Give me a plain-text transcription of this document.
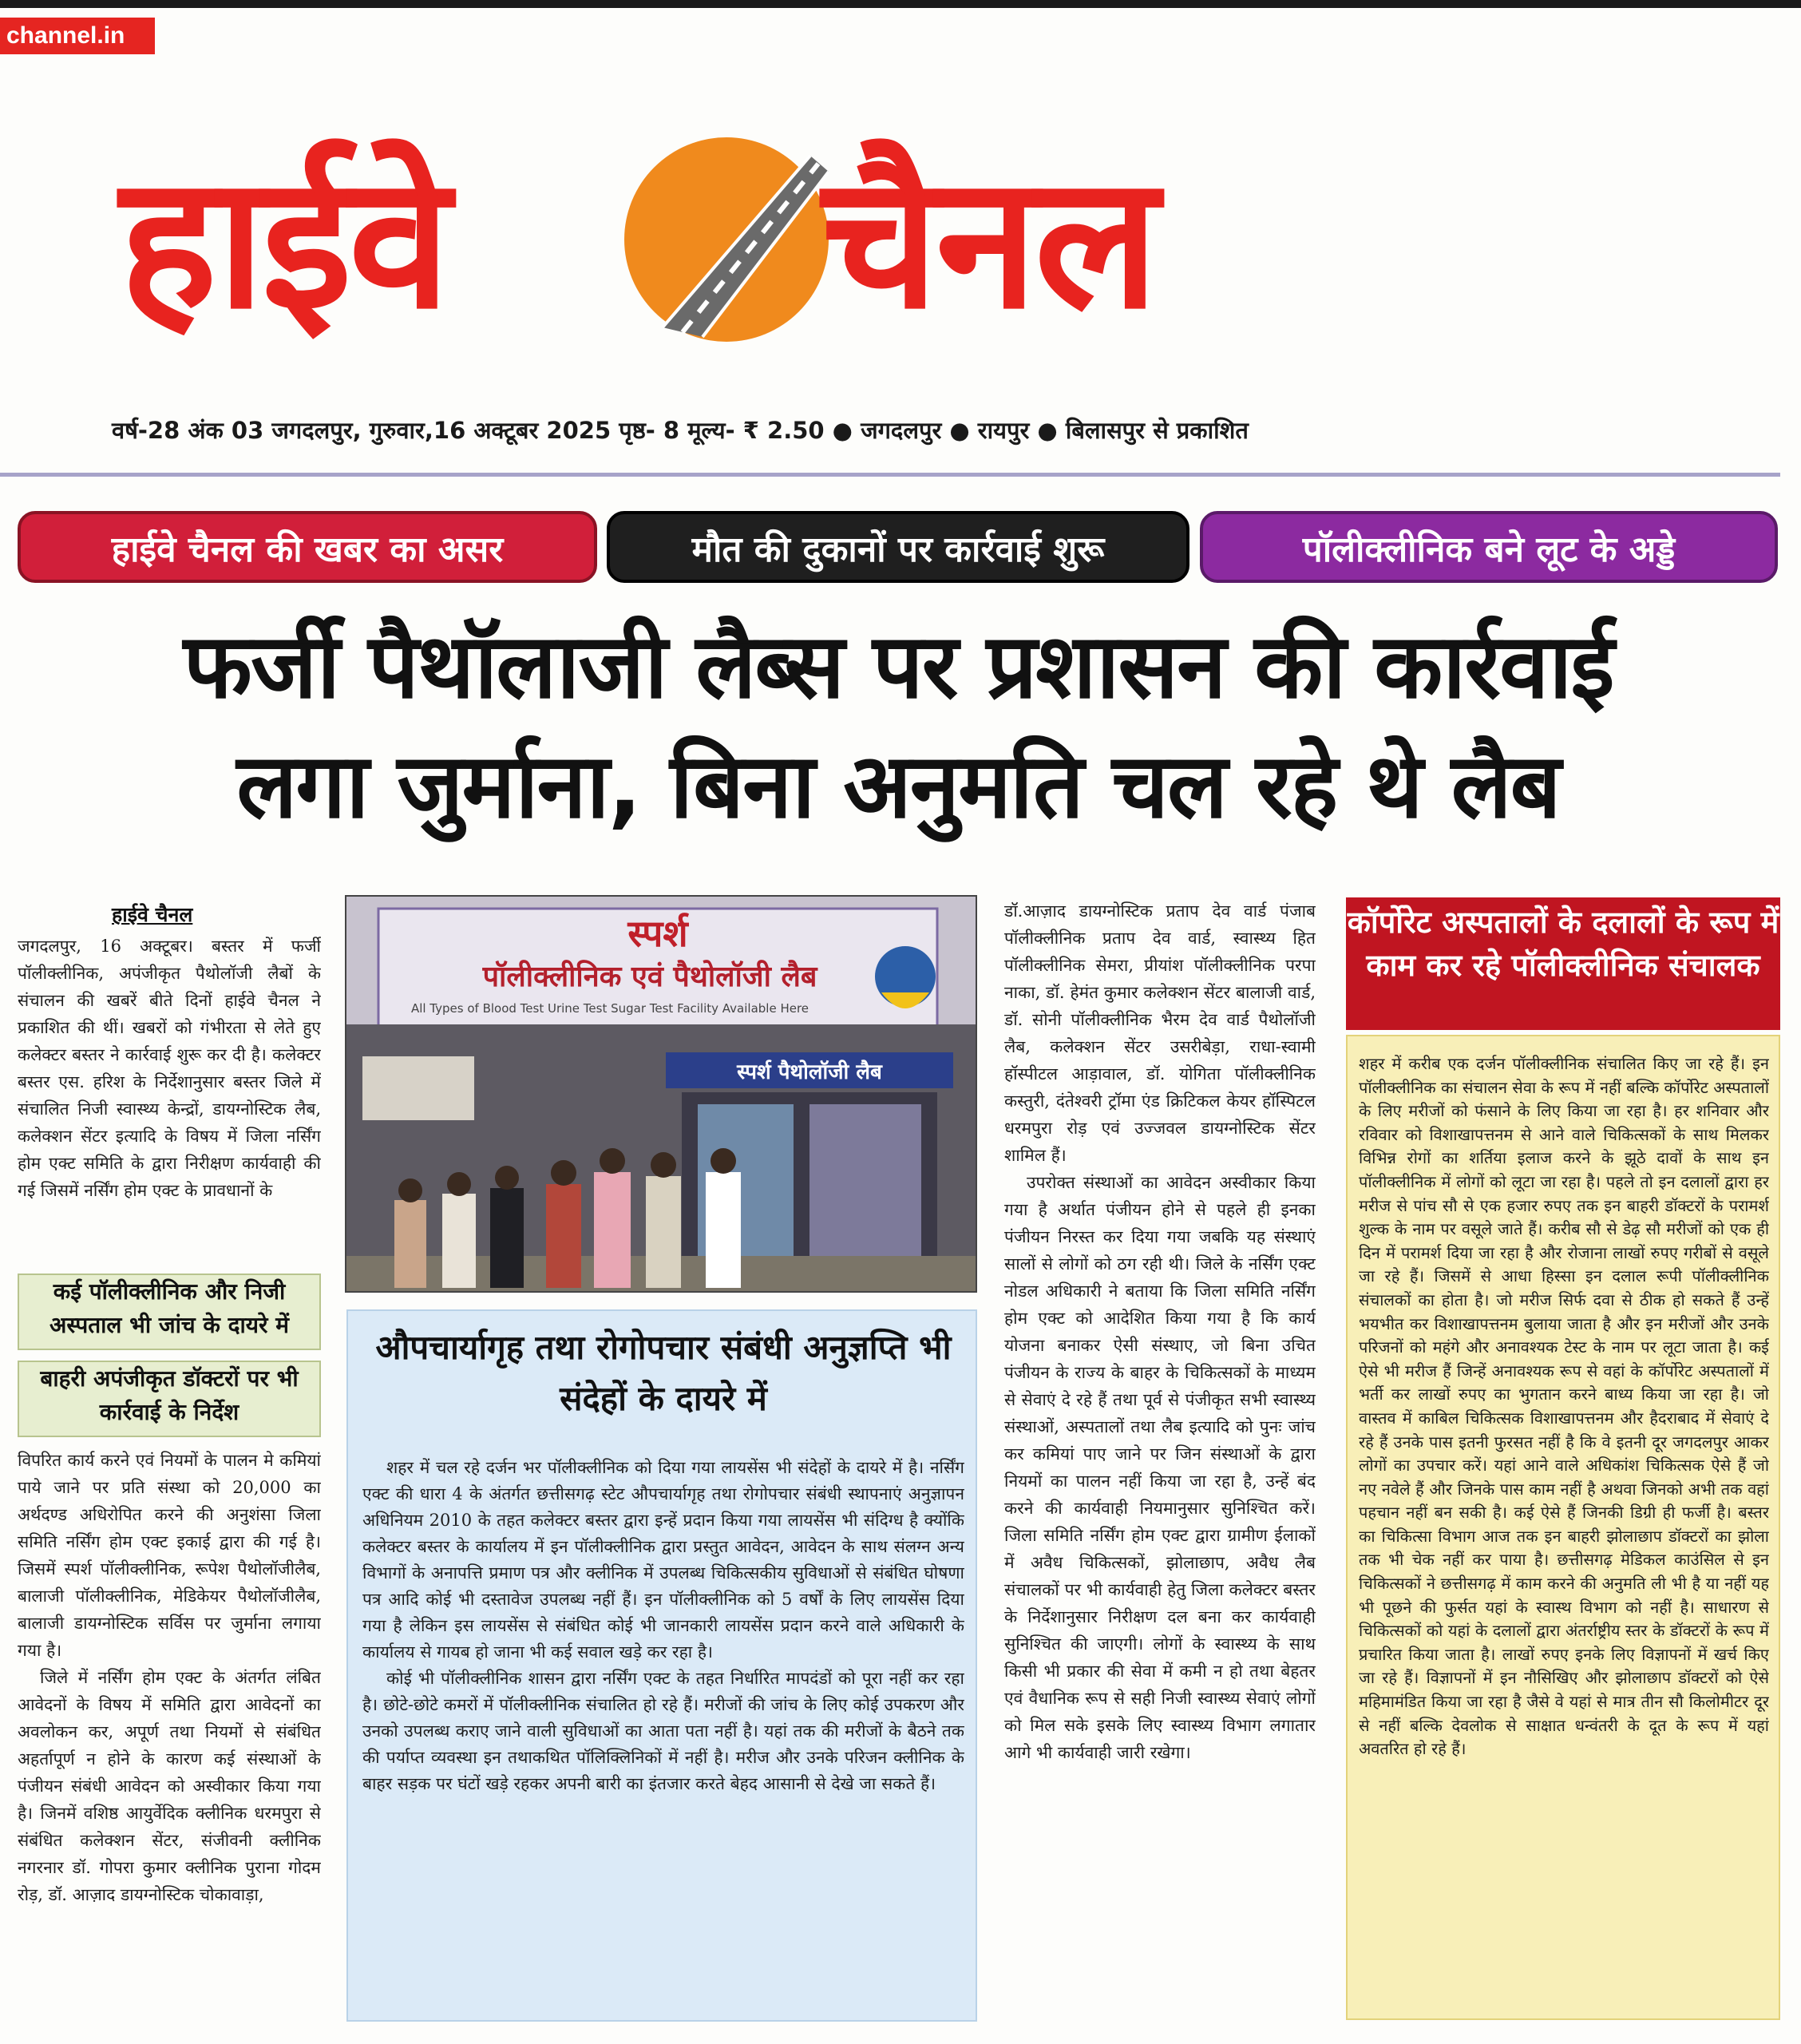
channel.in
हाईवे चैनल
वर्ष-28 अंक 03 जगदलपुर, गुरुवार,16 अक्टूबर 2025 पृष्ठ- 8 मूल्य- ₹ 2.50 ● जगदलपुर ● रायपुर ● बिलासपुर से प्रकाशित
हाईवे चैनल की खबर का असर	मौत की दुकानों पर कार्रवाई शुरू	पॉलीक्लीनिक बने लूट के अड्डे
फर्जी पैथॉलाजी लैब्स पर प्रशासन की कार्रवाई
लगा जुर्माना, बिना अनुमति चल रहे थे लैब
हाईवे चैनल

जगदलपुर, 16 अक्टूबर। बस्तर में फर्जी पॉलीक्लीनिक, अपंजीकृत पैथोलॉजी लैबों के संचालन की खबरें बीते दिनों हाईवे चैनल ने प्रकाशित की थीं। खबरों को गंभीरता से लेते हुए कलेक्टर बस्तर ने कार्रवाई शुरू कर दी है। कलेक्टर बस्तर एस. हरिश के निर्देशानुसार बस्तर जिले में संचालित निजी स्वास्थ्य केन्द्रों, डायग्नोस्टिक लैब, कलेक्शन सेंटर इत्यादि के विषय में जिला नर्सिंग होम एक्ट समिति के द्वारा निरीक्षण कार्यवाही की गई जिसमें नर्सिंग होम एक्ट के प्रावधानों के

कई पॉलीक्लीनिक और निजी अस्पताल भी जांच के दायरे में
बाहरी अपंजीकृत डॉक्टरों पर भी कार्रवाई के निर्देश

विपरित कार्य करने एवं नियमों के पालन मे कमियां पाये जाने पर प्रति संस्था को 20,000 का अर्थदण्ड अधिरोपित करने की अनुशंसा जिला समिति नर्सिंग होम एक्ट इकाई द्वारा की गई है। जिसमें स्पर्श पॉलीक्लीनिक, रूपेश पैथोलॉजीलैब, बालाजी पॉलीक्लीनिक, मेडिकेयर पैथोलॉजीलैब, बालाजी डायग्नोस्टिक सर्विस पर जुर्माना लगाया गया है।

जिले में नर्सिंग होम एक्ट के अंतर्गत लंबित आवेदनों के विषय में समिति द्वारा आवेदनों का अवलोकन कर, अपूर्ण तथा नियमों से संबंधित अहर्तापूर्ण न होने के कारण कई संस्थाओं के पंजीयन संबंधी आवेदन को अस्वीकार किया गया है। जिनमें वशिष्ठ आयुर्वेदिक क्लीनिक धरमपुरा से संबंधित कलेक्शन सेंटर, संजीवनी क्लीनिक नगरनार डॉ. गोपरा कुमार क्लीनिक पुराना गोदम रोड़, डॉ. आज़ाद डायग्नोस्टिक चोकावाड़ा,

स्पर्श
पॉलीक्लीनिक एवं पैथोलॉजी लैब
All Types of Blood Test Urine Test Sugar Test Facility Available Here
स्पर्श पैथोलॉजी लैब
औपचार्यागृह तथा रोगोपचार संबंधी अनुज्ञप्ति भी संदेहों के दायरे में

शहर में चल रहे दर्जन भर पॉलीक्लीनिक को दिया गया लायसेंस भी संदेहों के दायरे में है। नर्सिंग एक्ट की धारा 4 के अंतर्गत छत्तीसगढ़ स्टेट औपचार्यागृह तथा रोगोपचार संबंधी स्थापनाएं अनुज्ञापन अधिनियम 2010 के तहत कलेक्टर बस्तर द्वारा इन्हें प्रदान किया गया लायसेंस भी संदिग्ध है क्योंकि कलेक्टर बस्तर के कार्यालय में इन पॉलीक्लीनिक द्वारा प्रस्तुत आवेदन, आवेदन के साथ संलग्न अन्य विभागों के अनापत्ति प्रमाण पत्र और क्लीनिक में उपलब्ध चिकित्सकीय सुविधाओं से संबंधित घोषणा पत्र आदि कोई भी दस्तावेज उपलब्ध नहीं हैं। इन पॉलीक्लीनिक को 5 वर्षों के लिए लायसेंस दिया गया है लेकिन इस लायसेंस से संबंधित कोई भी जानकारी लायसेंस प्रदान करने वाले अधिकारी के कार्यालय से गायब हो जाना भी कई सवाल खड़े कर रहा है।

कोई भी पॉलीक्लीनिक शासन द्वारा नर्सिंग एक्ट के तहत निर्धारित मापदंडों को पूरा नहीं कर रहा है। छोटे-छोटे कमरों में पॉलीक्लीनिक संचालित हो रहे हैं। मरीजों की जांच के लिए कोई उपकरण और उनको उपलब्ध कराए जाने वाली सुविधाओं का आता पता नहीं है। यहां तक की मरीजों के बैठने तक की पर्याप्त व्यवस्था इन तथाकथित पॉलिक्लिनिकों में नहीं है। मरीज और उनके परिजन क्लीनिक के बाहर सड़क पर घंटों खड़े रहकर अपनी बारी का इंतजार करते बेहद आसानी से देखे जा सकते हैं।

डॉ.आज़ाद डायग्नोस्टिक प्रताप देव वार्ड पंजाब पॉलीक्लीनिक प्रताप देव वार्ड, स्वास्थ्य हित पॉलीक्लीनिक सेमरा, प्रीयांश पॉलीक्लीनिक परपा नाका, डॉ. हेमंत कुमार कलेक्शन सेंटर बालाजी वार्ड, डॉ. सोनी पॉलीक्लीनिक भैरम देव वार्ड पैथोलॉजी लैब, कलेक्शन सेंटर उसरीबेड़ा, राधा-स्वामी हॉस्पीटल आड़ावाल, डॉ. योगिता पॉलीक्लीनिक कस्तुरी, दंतेश्वरी ट्रॉमा एंड क्रिटिकल केयर हॉस्पिटल धरमपुरा रोड़ एवं उज्जवल डायग्नोस्टिक सेंटर शामिल हैं।

उपरोक्त संस्थाओं का आवेदन अस्वीकार किया गया है अर्थात पंजीयन होने से पहले ही इनका पंजीयन निरस्त कर दिया गया जबकि यह संस्थाएं सालों से लोगों को ठग रही थी। जिले के नर्सिंग एक्ट नोडल अधिकारी ने बताया कि जिला समिति नर्सिंग होम एक्ट को आदेशित किया गया है कि कार्य योजना बनाकर ऐसी संस्थाए, जो बिना उचित पंजीयन के राज्य के बाहर के चिकित्सकों के माध्यम से सेवाएं दे रहे हैं तथा पूर्व से पंजीकृत सभी स्वास्थ्य संस्थाओं, अस्पतालों तथा लैब इत्यादि को पुनः जांच कर कमियां पाए जाने पर जिन संस्थाओं के द्वारा नियमों का पालन नहीं किया जा रहा है, उन्हें बंद करने की कार्यवाही नियमानुसार सुनिश्चित करें। जिला समिति नर्सिंग होम एक्ट द्वारा ग्रामीण ईलाकों में अवैध चिकित्सकों, झोलाछाप, अवैध लैब संचालकों पर भी कार्यवाही हेतु जिला कलेक्टर बस्तर के निर्देशानुसार निरीक्षण दल बना कर कार्यवाही सुनिश्चित की जाएगी। लोगों के स्वास्थ्य के साथ किसी भी प्रकार की सेवा में कमी न हो तथा बेहतर एवं वैधानिक रूप से सही निजी स्वास्थ्य सेवाएं लोगों को मिल सके इसके लिए स्वास्थ्य विभाग लगातार आगे भी कार्यवाही जारी रखेगा।

कॉर्पोरेट अस्पतालों के दलालों के रूप में काम कर रहे पॉलीक्लीनिक संचालक
शहर में करीब एक दर्जन पॉलीक्लीनिक संचालित किए जा रहे हैं। इन पॉलीक्लीनिक का संचालन सेवा के रूप में नहीं बल्कि कॉर्पोरेट अस्पतालों के लिए मरीजों को फंसाने के लिए किया जा रहा है। हर शनिवार और रविवार को विशाखापत्तनम से आने वाले चिकित्सकों के साथ मिलकर विभिन्न रोगों का शर्तिया इलाज करने के झूठे दावों के साथ इन पॉलीक्लीनिक में लोगों को लूटा जा रहा है। पहले तो इन दलालों द्वारा हर मरीज से पांच सौ से एक हजार रुपए तक इन बाहरी डॉक्टरों के परामर्श शुल्क के नाम पर वसूले जाते हैं। करीब सौ से डेढ़ सौ मरीजों को एक ही दिन में परामर्श दिया जा रहा है और रोजाना लाखों रुपए गरीबों से वसूले जा रहे हैं। जिसमें से आधा हिस्सा इन दलाल रूपी पॉलीक्लीनिक संचालकों का होता है। जो मरीज सिर्फ दवा से ठीक हो सकते हैं उन्हें भयभीत कर विशाखापत्तनम बुलाया जाता है और इन मरीजों और उनके परिजनों को महंगे और अनावश्यक टेस्ट के नाम पर लूटा जाता है। कई ऐसे भी मरीज हैं जिन्हें अनावश्यक रूप से वहां के कॉर्पोरेट अस्पतालों में भर्ती कर लाखों रुपए का भुगतान करने बाध्य किया जा रहा है। जो वास्तव में काबिल चिकित्सक विशाखापत्तनम और हैदराबाद में सेवाएं दे रहे हैं उनके पास इतनी फुरसत नहीं है कि वे इतनी दूर जगदलपुर आकर लोगों का उपचार करें। यहां आने वाले अधिकांश चिकित्सक ऐसे हैं जो नए नवेले हैं और जिनके पास काम नहीं है अथवा जिनको अभी तक वहां पहचान नहीं बन सकी है। कई ऐसे हैं जिनकी डिग्री ही फर्जी है। बस्तर का चिकित्सा विभाग आज तक इन बाहरी झोलाछाप डॉक्टरों का झोला तक भी चेक नहीं कर पाया है। छत्तीसगढ़ मेडिकल काउंसिल से इन चिकित्सकों ने छत्तीसगढ़ में काम करने की अनुमति ली भी है या नहीं यह भी पूछने की फुर्सत यहां के स्वास्थ विभाग को नहीं है। साधारण से चिकित्सकों को यहां के दलालों द्वारा अंतर्राष्ट्रीय स्तर के डॉक्टरों के रूप में प्रचारित किया जाता है। लाखों रुपए इनके लिए विज्ञापनों में खर्च किए जा रहे हैं। विज्ञापनों में इन नौसिखिए और झोलाछाप डॉक्टरों को ऐसे महिमामंडित किया जा रहा है जैसे वे यहां से मात्र तीन सौ किलोमीटर दूर से नहीं बल्कि देवलोक से साक्षात धन्वंतरी के दूत के रूप में यहां अवतरित हो रहे हैं।
